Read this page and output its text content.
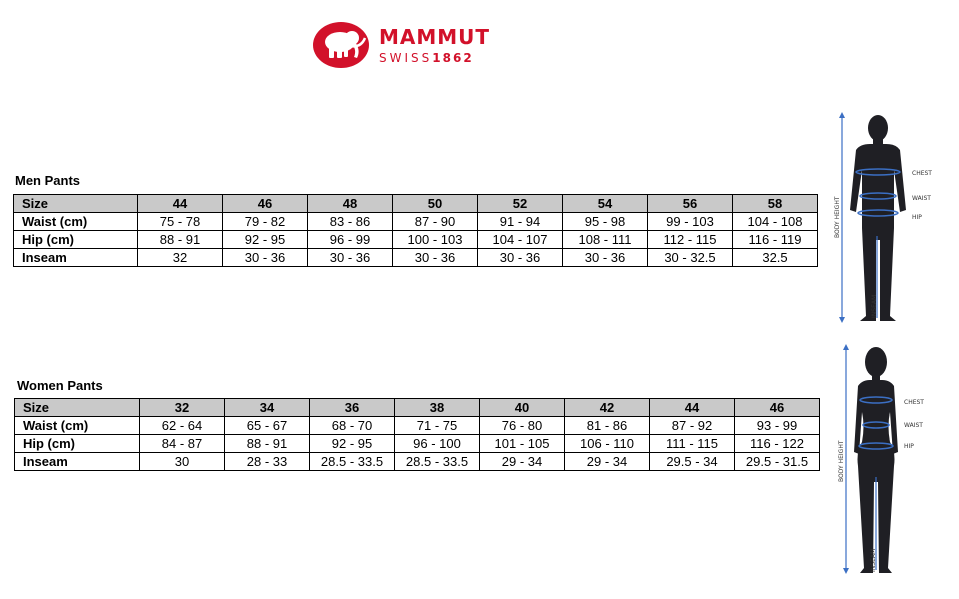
MAMMUT
SWISS1862
Men Pants
Size	44	46	48	50	52	54	56	58
Waist (cm)	75 - 78	79 - 82	83 - 86	87 - 90	91 - 94	95 - 98	99 - 103	104 - 108
Hip (cm)	88 - 91	92 - 95	96 - 99	100 - 103	104 - 107	108 - 111	112 - 115	116 - 119
Inseam	32	30 - 36	30 - 36	30 - 36	30 - 36	30 - 36	30 - 32.5	32.5
Women Pants
Size	32	34	36	38	40	42	44	46
Waist (cm)	62 - 64	65 - 67	68 - 70	71 - 75	76 - 80	81 - 86	87 - 92	93 - 99
Hip (cm)	84 - 87	88 - 91	92 - 95	96 - 100	101 - 105	106 - 110	111 - 115	116 - 122
Inseam	30	28 - 33	28.5 - 33.5	28.5 - 33.5	29 - 34	29 - 34	29.5 - 34	29.5 - 31.5
CHEST
WAIST
HIP
BODY HEIGHT
INSEAM
CHEST
WAIST
HIP
BODY HEIGHT
INSEAM
